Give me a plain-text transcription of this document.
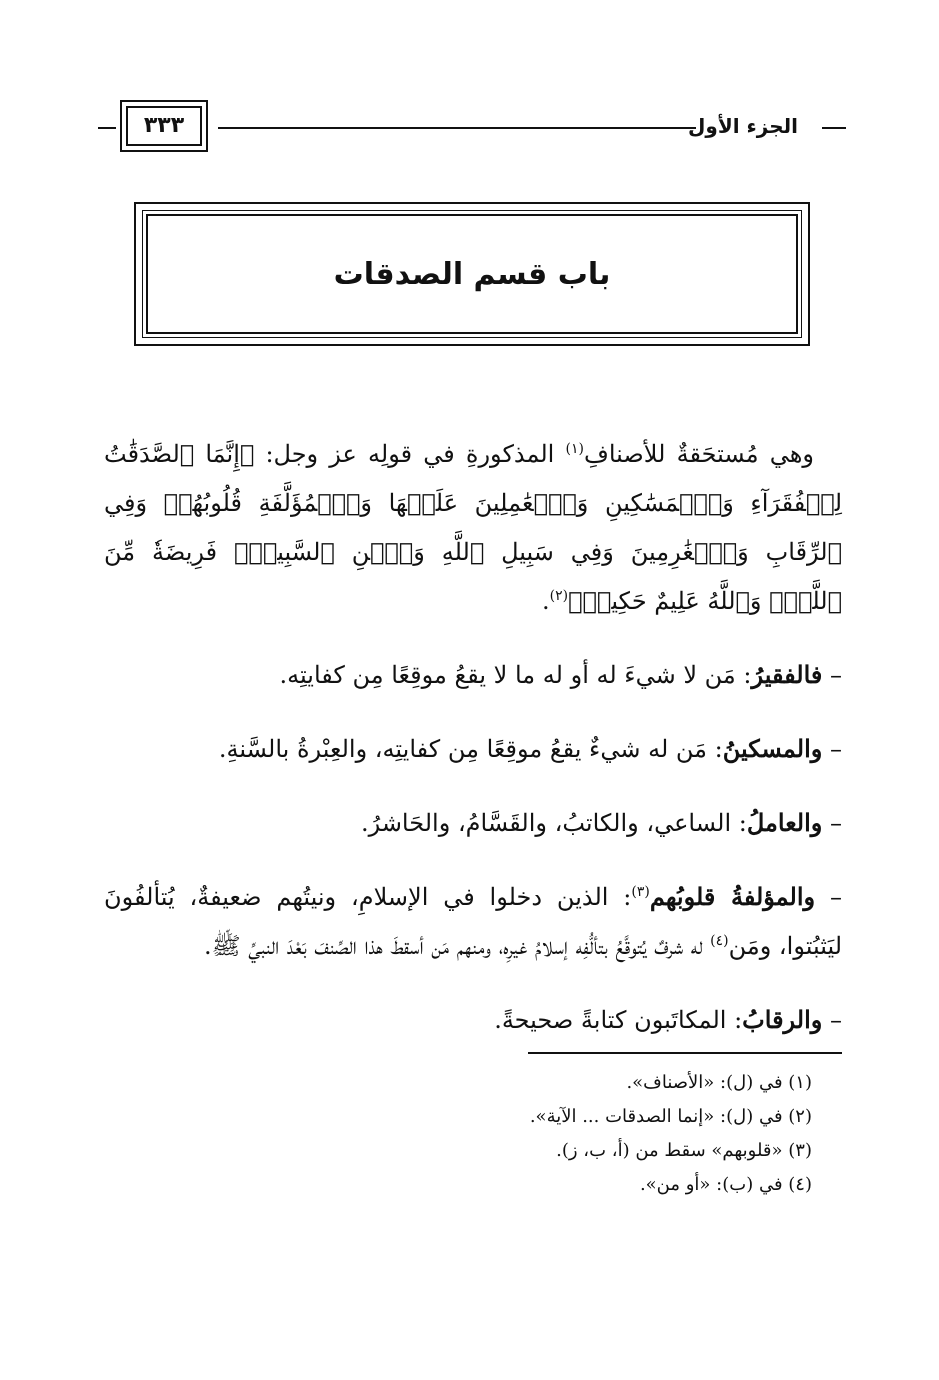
الجزء الأول
٣٣٣
باب قسم الصدقات

وهي مُستحَقةٌ للأصنافِ$^{(١)}$ المذكورةِ في قولِه عز وجل: ﴿إِنَّمَا ٱلصَّدَقَٰتُ لِلۡفُقَرَآءِ وَٱلۡمَسَٰكِينِ وَٱلۡعَٰمِلِينَ عَلَيۡهَا وَٱلۡمُؤَلَّفَةِ قُلُوبُهُمۡ وَفِي ٱلرِّقَابِ وَٱلۡغَٰرِمِينَ وَفِي سَبِيلِ ٱللَّهِ وَٱبۡنِ ٱلسَّبِيلِۖ فَرِيضَةٗ مِّنَ ٱللَّهِۗ وَٱللَّهُ عَلِيمٌ حَكِيمٞ﴾$^{(٢)}$.

– فالفقيرُ: مَن لا شيءَ له أو له ما لا يقعُ موقِعًا مِن كفايتِه.

– والمسكينُ: مَن له شيءٌ يقعُ موقِعًا مِن كفايتِه، والعِبْرةُ بالسَّنةِ.

– والعاملُ: الساعي، والكاتبُ، والقَسَّامُ، والحَاشرُ.

– والمؤلفةُ قلوبُهم$^{(٣)}$: الذين دخلوا في الإسلامِ، ونيتُهم ضعيفةٌ، يُتألفُونَ ليَثبُتوا، ومَن$^{(٤)}$ له شرفٌ يُتوقَّعُ بتألُّفِه إسلامُ غيرِه، ومنهم مَن أسقطَ هذا الصِّنفَ بَعْدَ النبيِّ ﷺ.

– والرقابُ: المكاتَبون كتابةً صحيحةً.

(١) في (ل): «الأصناف».

(٢) في (ل): «إنما الصدقات ... الآية».

(٣) «قلوبهم» سقط من (أ، ب، ز).

(٤) في (ب): «أو من».
